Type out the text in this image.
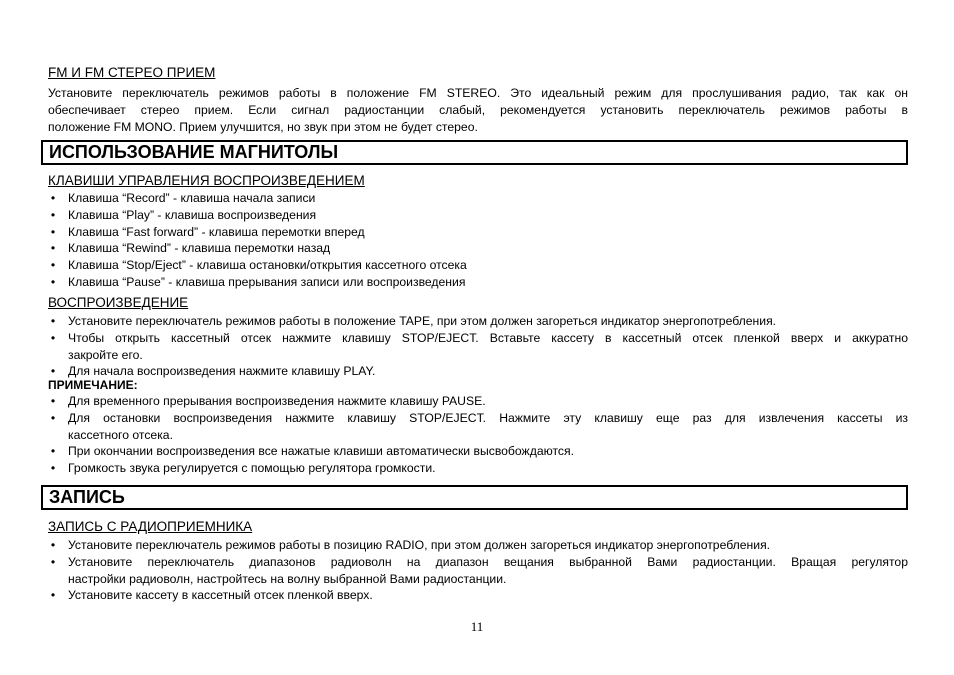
FM И FM СТЕРЕО ПРИЕМ
Установите переключатель режимов работы в положение FM STEREO. Это идеальный режим для прослушивания радио, так как он
обеспечивает стерео прием. Если сигнал радиостанции слабый, рекомендуется установить переключатель режимов работы в
положение FM MONO. Прием улучшится, но звук при этом не будет стерео.
ИСПОЛЬЗОВАНИЕ МАГНИТОЛЫ
КЛАВИШИ УПРАВЛЕНИЯ ВОСПРОИЗВЕДЕНИЕМ
• Клавиша “Record” - клавиша начала записи
• Клавиша “Play” - клавиша воспроизведения
• Клавиша “Fast forward” - клавиша перемотки вперед
• Клавиша “Rewind” - клавиша перемотки назад
• Клавиша “Stop/Eject” - клавиша остановки/открытия кассетного отсека
• Клавиша “Pause” - клавиша прерывания записи или воспроизведения
ВОСПРОИЗВЕДЕНИЕ
• Установите переключатель режимов работы в положение TAPE, при этом должен загореться индикатор энергопотребления.
• Чтобы открыть кассетный отсек нажмите клавишу STOP/EJECT. Вставьте кассету в кассетный отсек пленкой вверх и аккуратно
закройте его.
• Для начала воспроизведения нажмите клавишу PLAY.
ПРИМЕЧАНИЕ:
• Для временного прерывания воспроизведения нажмите клавишу PAUSE.
• Для остановки воспроизведения нажмите клавишу STOP/EJECT. Нажмите эту клавишу еще раз для извлечения кассеты из
кассетного отсека.
• При окончании воспроизведения все нажатые клавиши автоматически высвобождаются.
• Громкость звука регулируется с помощью регулятора громкости.
ЗАПИСЬ
ЗАПИСЬ С РАДИОПРИЕМНИКА
• Установите переключатель режимов работы в позицию RADIO, при этом должен загореться индикатор энергопотребления.
• Установите переключатель диапазонов радиоволн на диапазон вещания выбранной Вами радиостанции. Вращая регулятор
настройки радиоволн, настройтесь на волну выбранной Вами радиостанции.
• Установите кассету в кассетный отсек пленкой вверх.
11
